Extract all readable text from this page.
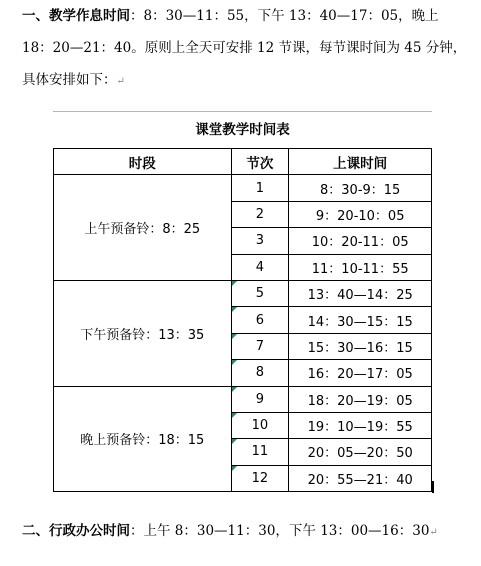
一、教学作息时间：8：30—11：55，下午 13：40—17：05，晚上 18：20—21：40。原则上全天可安排 12 节课，每节课时间为 45 分钟，具体安排如下：↵

课堂教学时间表
时段	节次	上课时间
上午预备铃：8：25	1	8：30-9：15
	2	9：20-10：05
	3	10：20-11：05
	4	11：10-11：55
下午预备铃：13：35	5	13：40—14：25
	6	14：30—15：15
	7	15：30—16：15
	8	16：20—17：05
晚上预备铃：18：15	9	18：20—19：05
	10	19：10—19：55
	11	20：05—20：50
	12	20：55—21：40

二、行政办公时间：上午 8：30—11：30，下午 13：00—16：30↵
